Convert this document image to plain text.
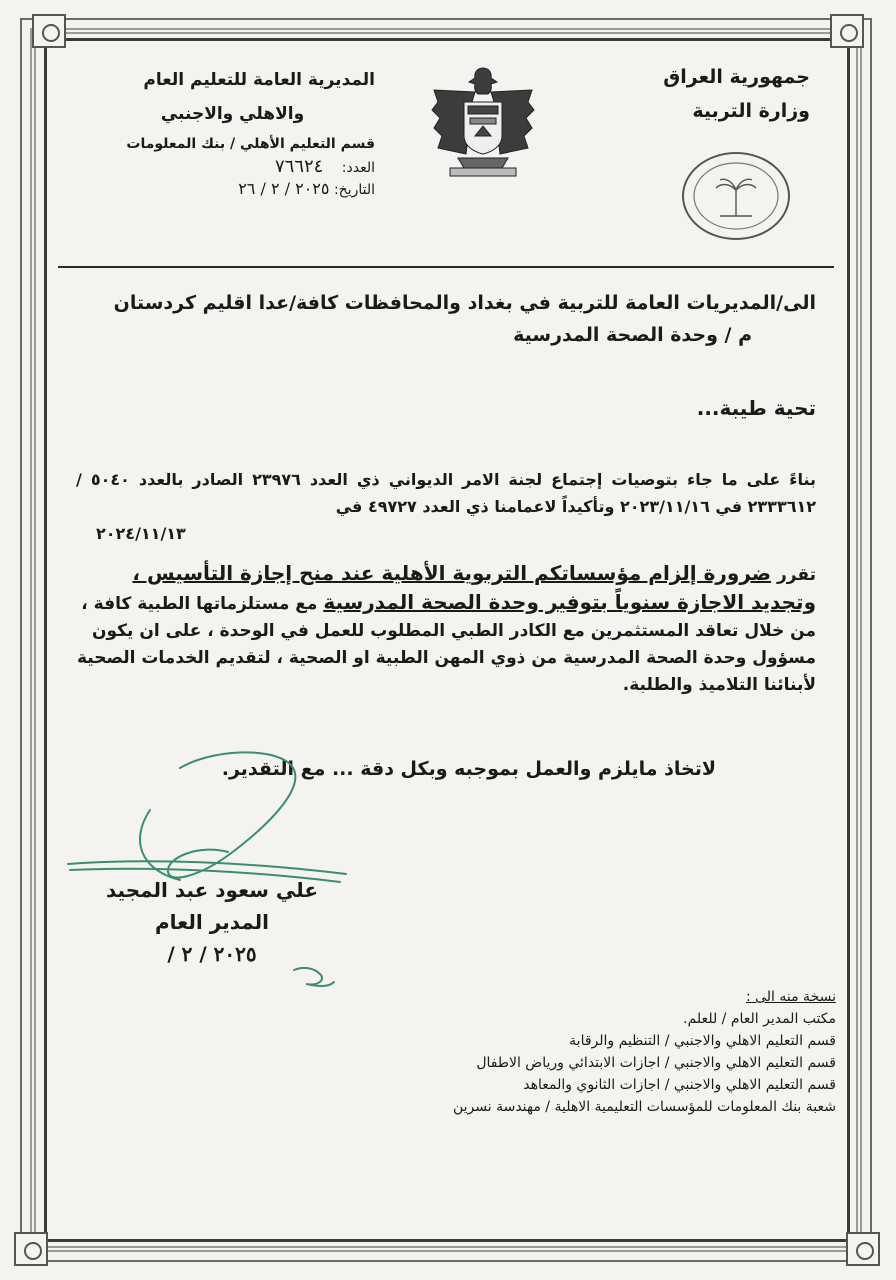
جمهورية العراق
وزارة التربية
المديرية العامة للتعليم العام
والاهلي والاجنبي
قسم التعليم الأهلي / بنك المعلومات
العدد: ٧٦٦٢٤
التاريخ: ٢٠٢٥ / ٢ / ٢٦
الى/المديريات العامة للتربية في بغداد والمحافظات كافة/عدا اقليم كردستان
م / وحدة الصحة المدرسية
تحية طيبة...
بناءً على ما جاء بتوصيات إجتماع لجنة الامر الديواني ذي العدد ٢٣٩٧٦ الصادر بالعدد ٥٠٤٠ / ٢٣٣٣٦١٢ في ٢٠٢٣/١١/١٦ وتأكيداً لاعمامنا ذي العدد ٤٩٧٢٧ في
٢٠٢٤/١١/١٣
تقرر ضرورة إلزام مؤسساتكم التربوية الأهلية عند منح إجازة التأسيس ، وتجديد الاجازة سنوياً بتوفير وحدة الصحة المدرسية مع مستلزماتها الطبية كافة ، من خلال تعاقد المستثمرين مع الكادر الطبي المطلوب للعمل في الوحدة ، على ان يكون مسؤول وحدة الصحة المدرسية من ذوي المهن الطبية او الصحية ، لتقديم الخدمات الصحية لأبنائنا التلاميذ والطلبة.
لاتخاذ مايلزم والعمل بموجبه وبكل دقة ... مع التقدير.
علي سعود عبد المجيد
المدير العام
٢٠٢٥ / ٢ /
نسخة منه الى :
مكتب المدير العام / للعلم.
قسم التعليم الاهلي والاجنبي / التنظيم والرقابة
قسم التعليم الاهلي والاجنبي / اجازات الابتدائي ورياض الاطفال
قسم التعليم الاهلي والاجنبي / اجازات الثانوي والمعاهد
شعبة بنك المعلومات للمؤسسات التعليمية الاهلية / مهندسة نسرين
